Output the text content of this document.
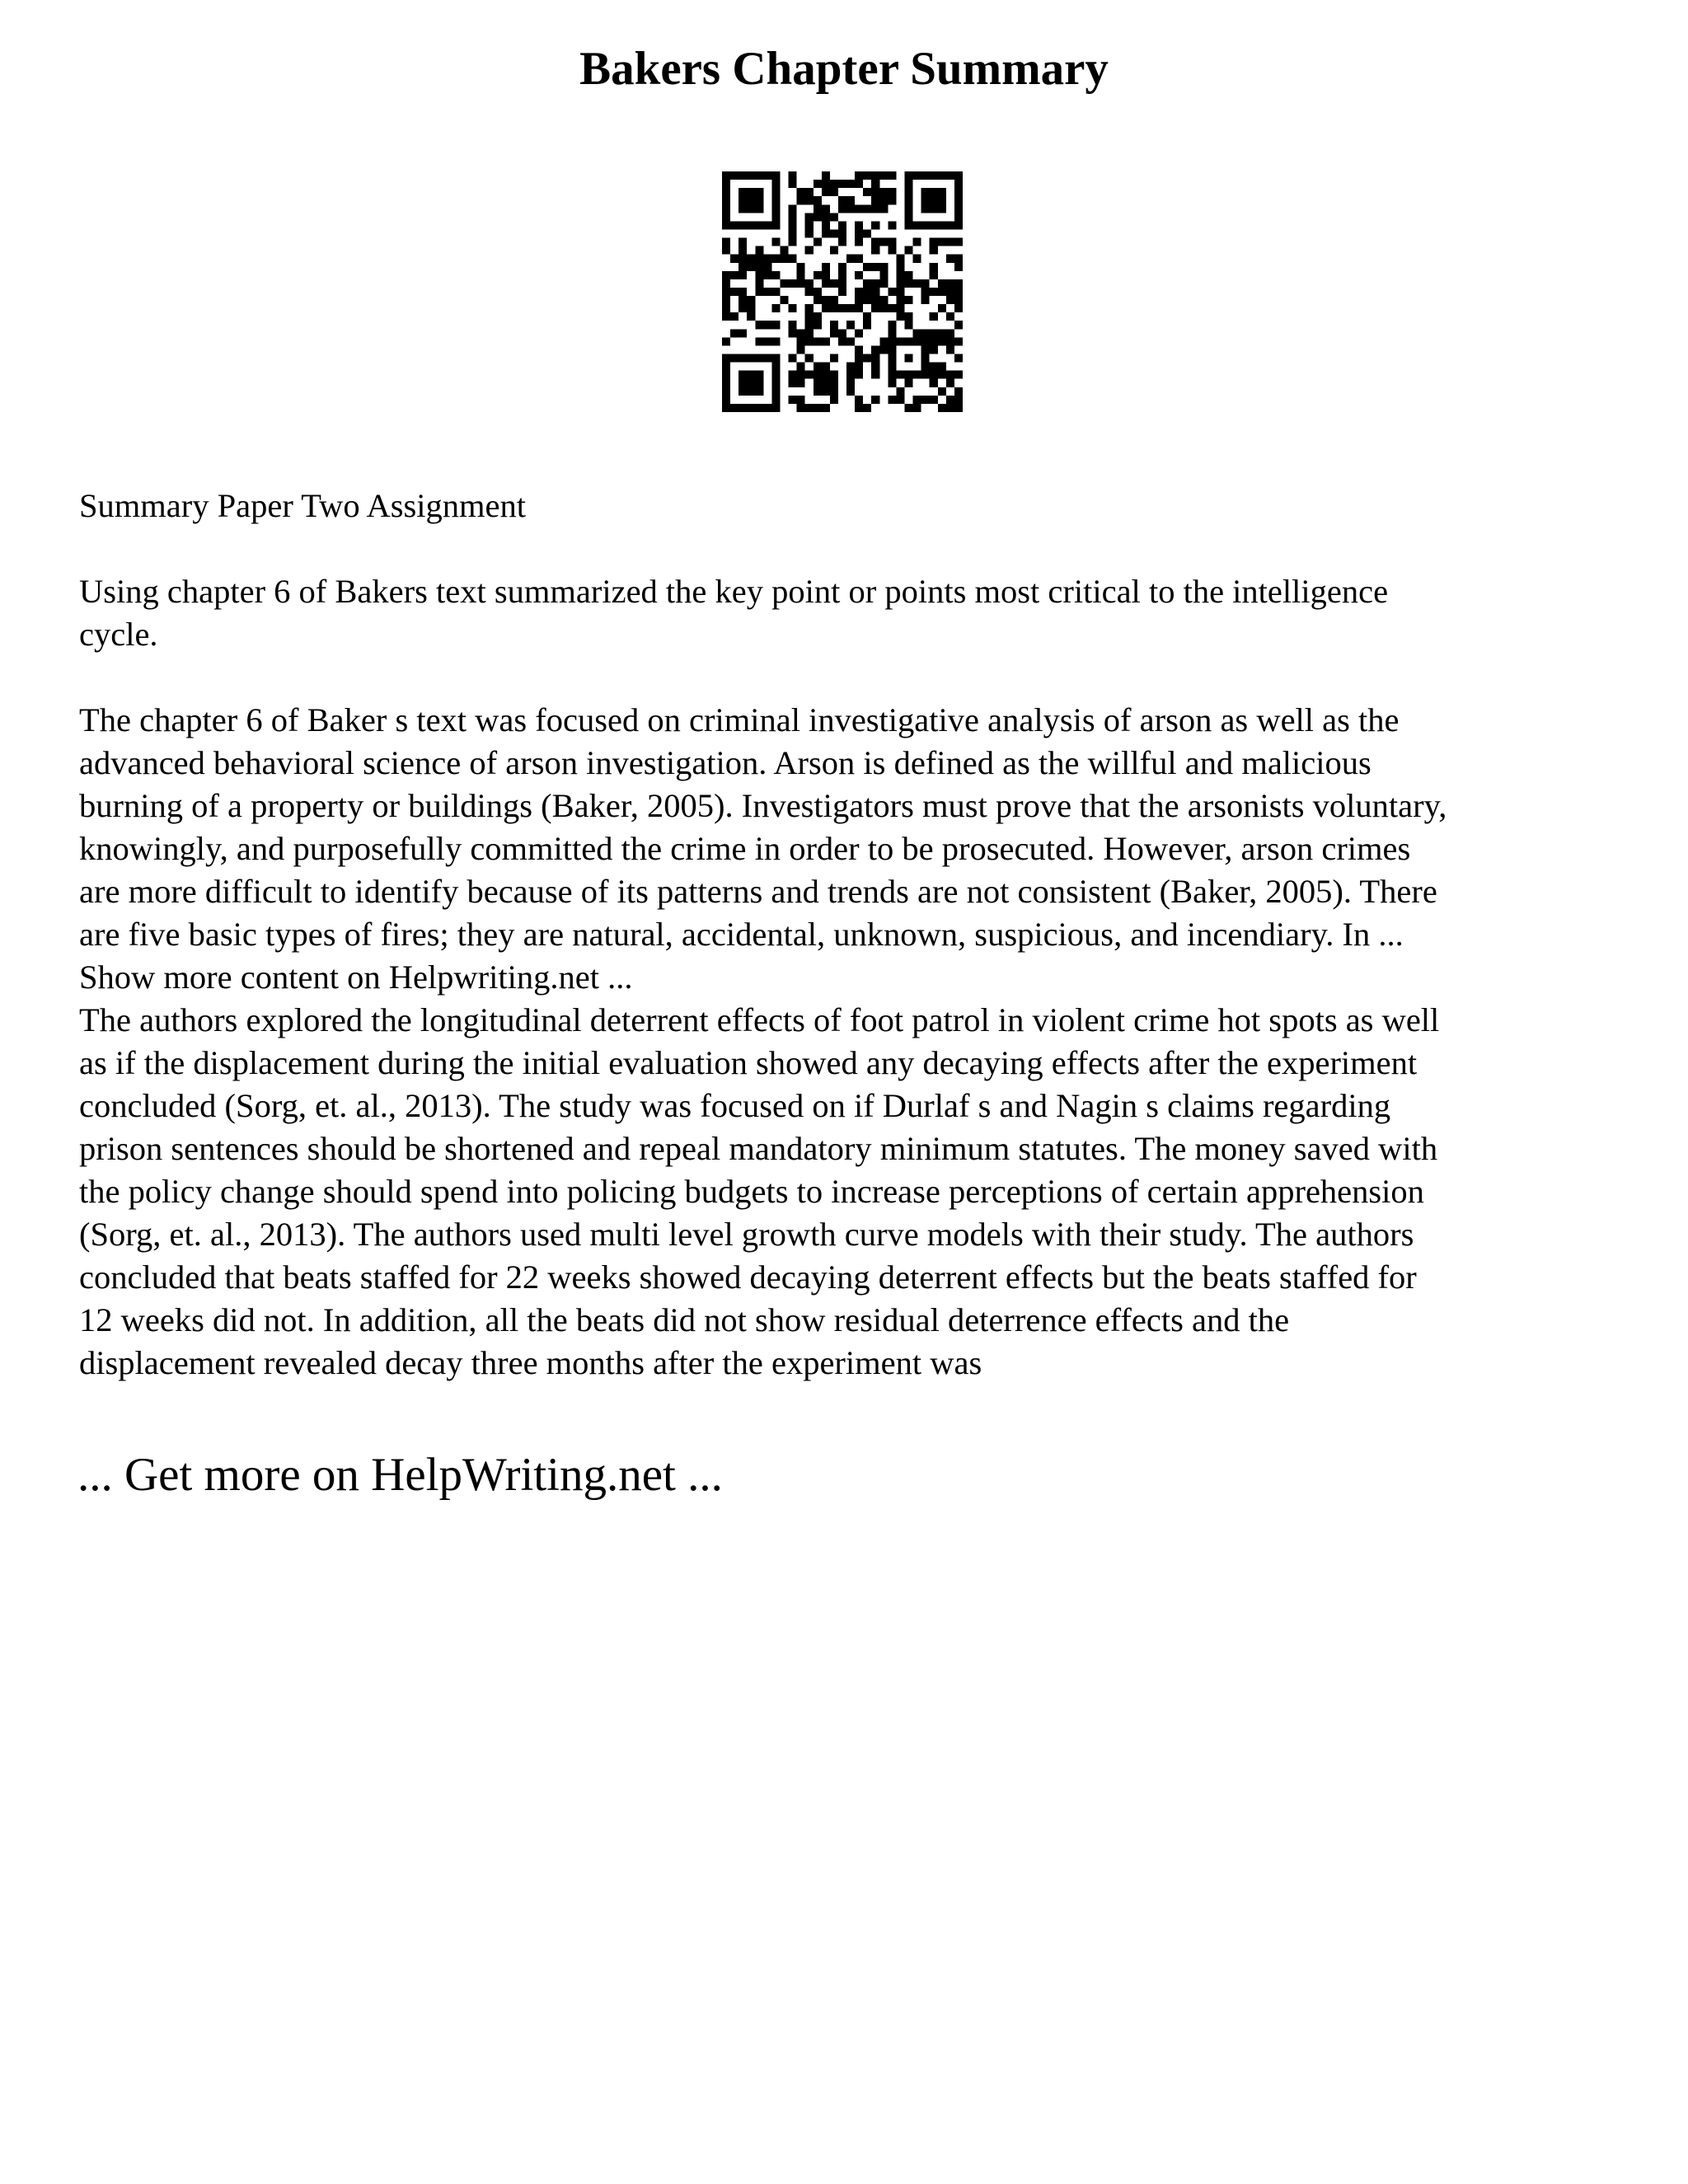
Bakers Chapter Summary

Summary Paper Two Assignment

Using chapter 6 of Bakers text summarized the key point or points most critical to the intelligence
cycle.

The chapter 6 of Baker s text was focused on criminal investigative analysis of arson as well as the
advanced behavioral science of arson investigation. Arson is defined as the willful and malicious
burning of a property or buildings (Baker, 2005). Investigators must prove that the arsonists voluntary,
knowingly, and purposefully committed the crime in order to be prosecuted. However, arson crimes
are more difficult to identify because of its patterns and trends are not consistent (Baker, 2005). There
are five basic types of fires; they are natural, accidental, unknown, suspicious, and incendiary. In ...
Show more content on Helpwriting.net ...

The authors explored the longitudinal deterrent effects of foot patrol in violent crime hot spots as well
as if the displacement during the initial evaluation showed any decaying effects after the experiment
concluded (Sorg, et. al., 2013). The study was focused on if Durlaf s and Nagin s claims regarding
prison sentences should be shortened and repeal mandatory minimum statutes. The money saved with
the policy change should spend into policing budgets to increase perceptions of certain apprehension
(Sorg, et. al., 2013). The authors used multi level growth curve models with their study. The authors
concluded that beats staffed for 22 weeks showed decaying deterrent effects but the beats staffed for
12 weeks did not. In addition, all the beats did not show residual deterrence effects and the
displacement revealed decay three months after the experiment was

... Get more on HelpWriting.net ...
